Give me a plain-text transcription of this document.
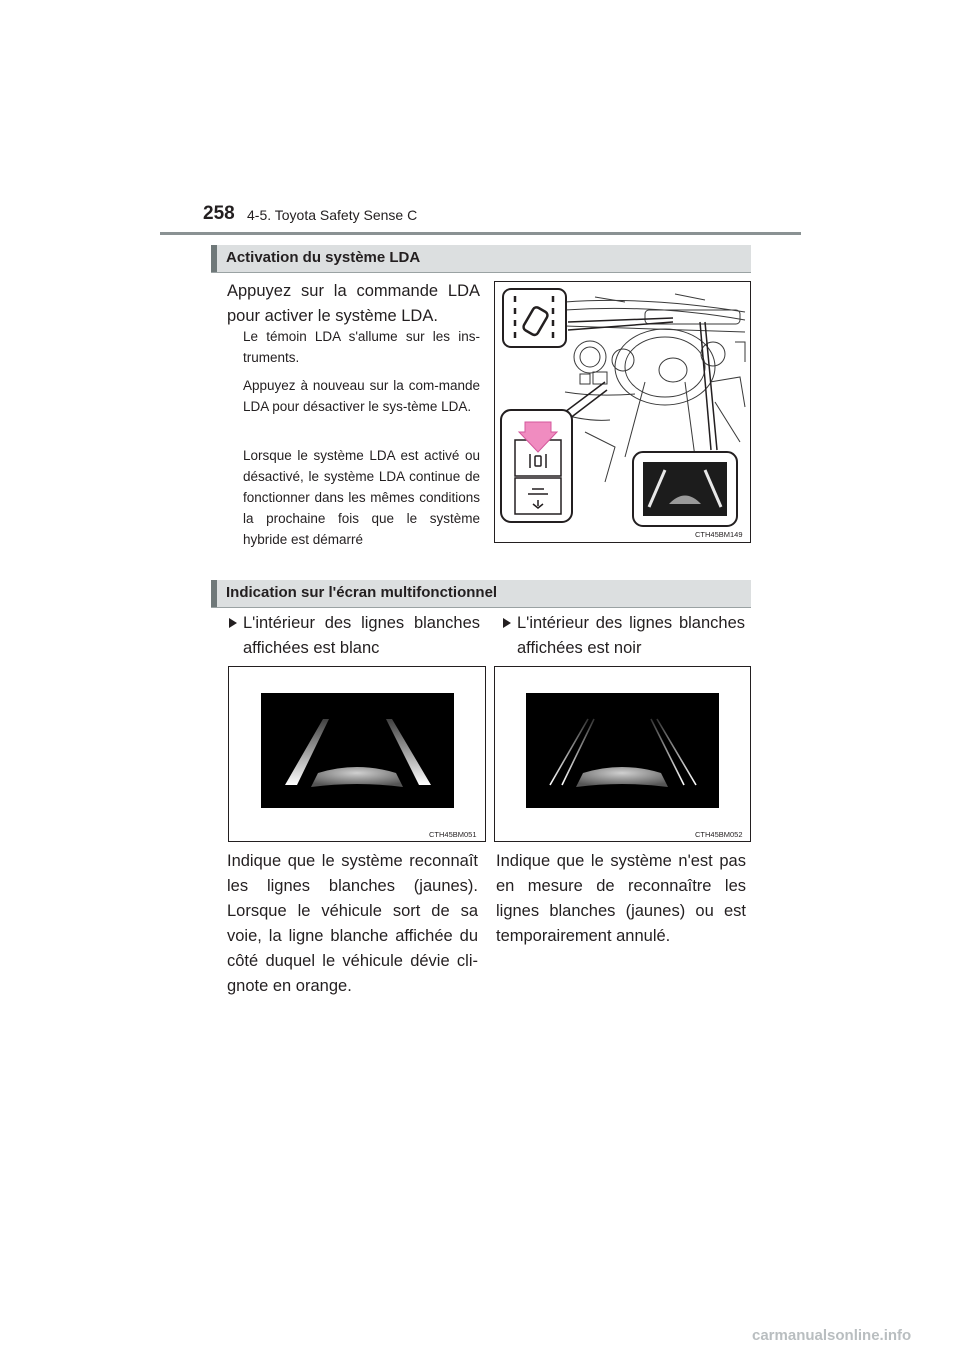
258 4-5. Toyota Safety Sense C
Activation du système LDA
Appuyez sur la commande LDA pour activer le système LDA.
Le témoin LDA s'allume sur les ins-truments.
Appuyez à nouveau sur la com-mande LDA pour désactiver le sys-tème LDA.
Lorsque le système LDA est activé ou désactivé, le système LDA continue de fonctionner dans les mêmes conditions la prochaine fois que le système hybride est démarré	CTH45BM149
Indication sur l'écran multifonctionnel
L'intérieur des lignes blanches affichées est blanc
L'intérieur des lignes blanches affichées est noir
CTH45BM051	CTH45BM052
Indique que le système reconnaît les lignes blanches (jaunes). Lorsque le véhicule sort de sa voie, la ligne blanche affichée du côté duquel le véhicule dévie cli-gnote en orange.
Indique que le système n'est pas en mesure de reconnaître les lignes blanches (jaunes) ou est temporairement annulé.
carmanualsonline.info
